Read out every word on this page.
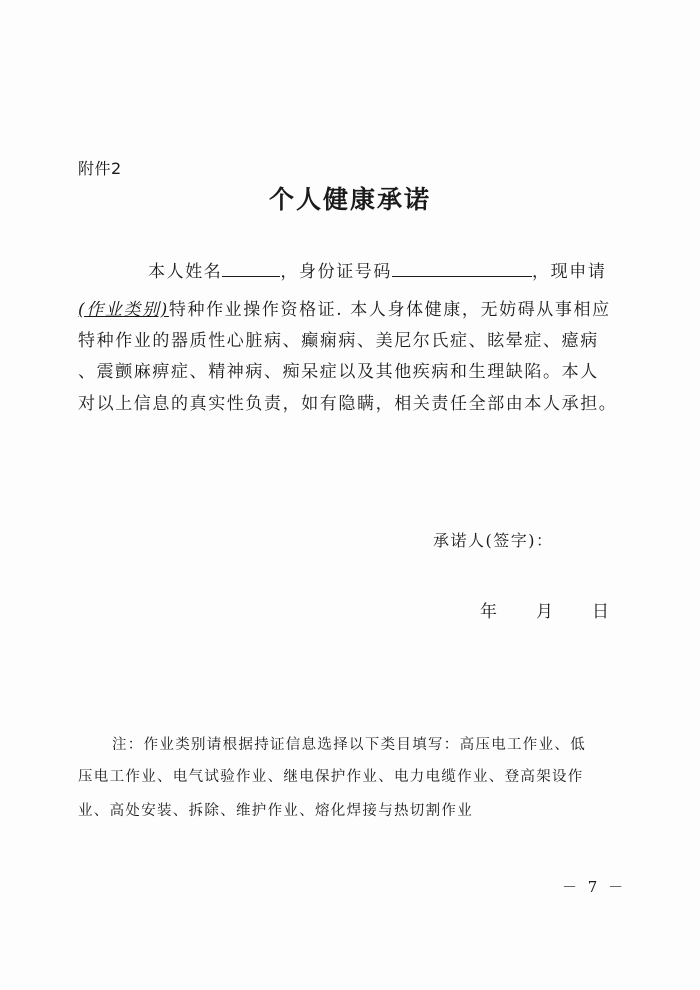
附件2
个人健康承诺
本人姓名	，身份证号码	，现申请
(作业类别)特种作业操作资格证. 本人身体健康，无妨碍从事相应
特种作业的器质性心脏病、癫痫病、美尼尔氏症、眩晕症、癔病
、震颤麻痹症、精神病、痴呆症以及其他疾病和生理缺陷。本人
对以上信息的真实性负责，如有隐瞒，相关责任全部由本人承担。
承诺人(签字)：
年 月 日
注：作业类别请根据持证信息选择以下类目填写：高压电工作业、低
压电工作业、电气试验作业、继电保护作业、电力电缆作业、登高架设作
业、高处安装、拆除、维护作业、熔化焊接与热切割作业
－ 7 －
